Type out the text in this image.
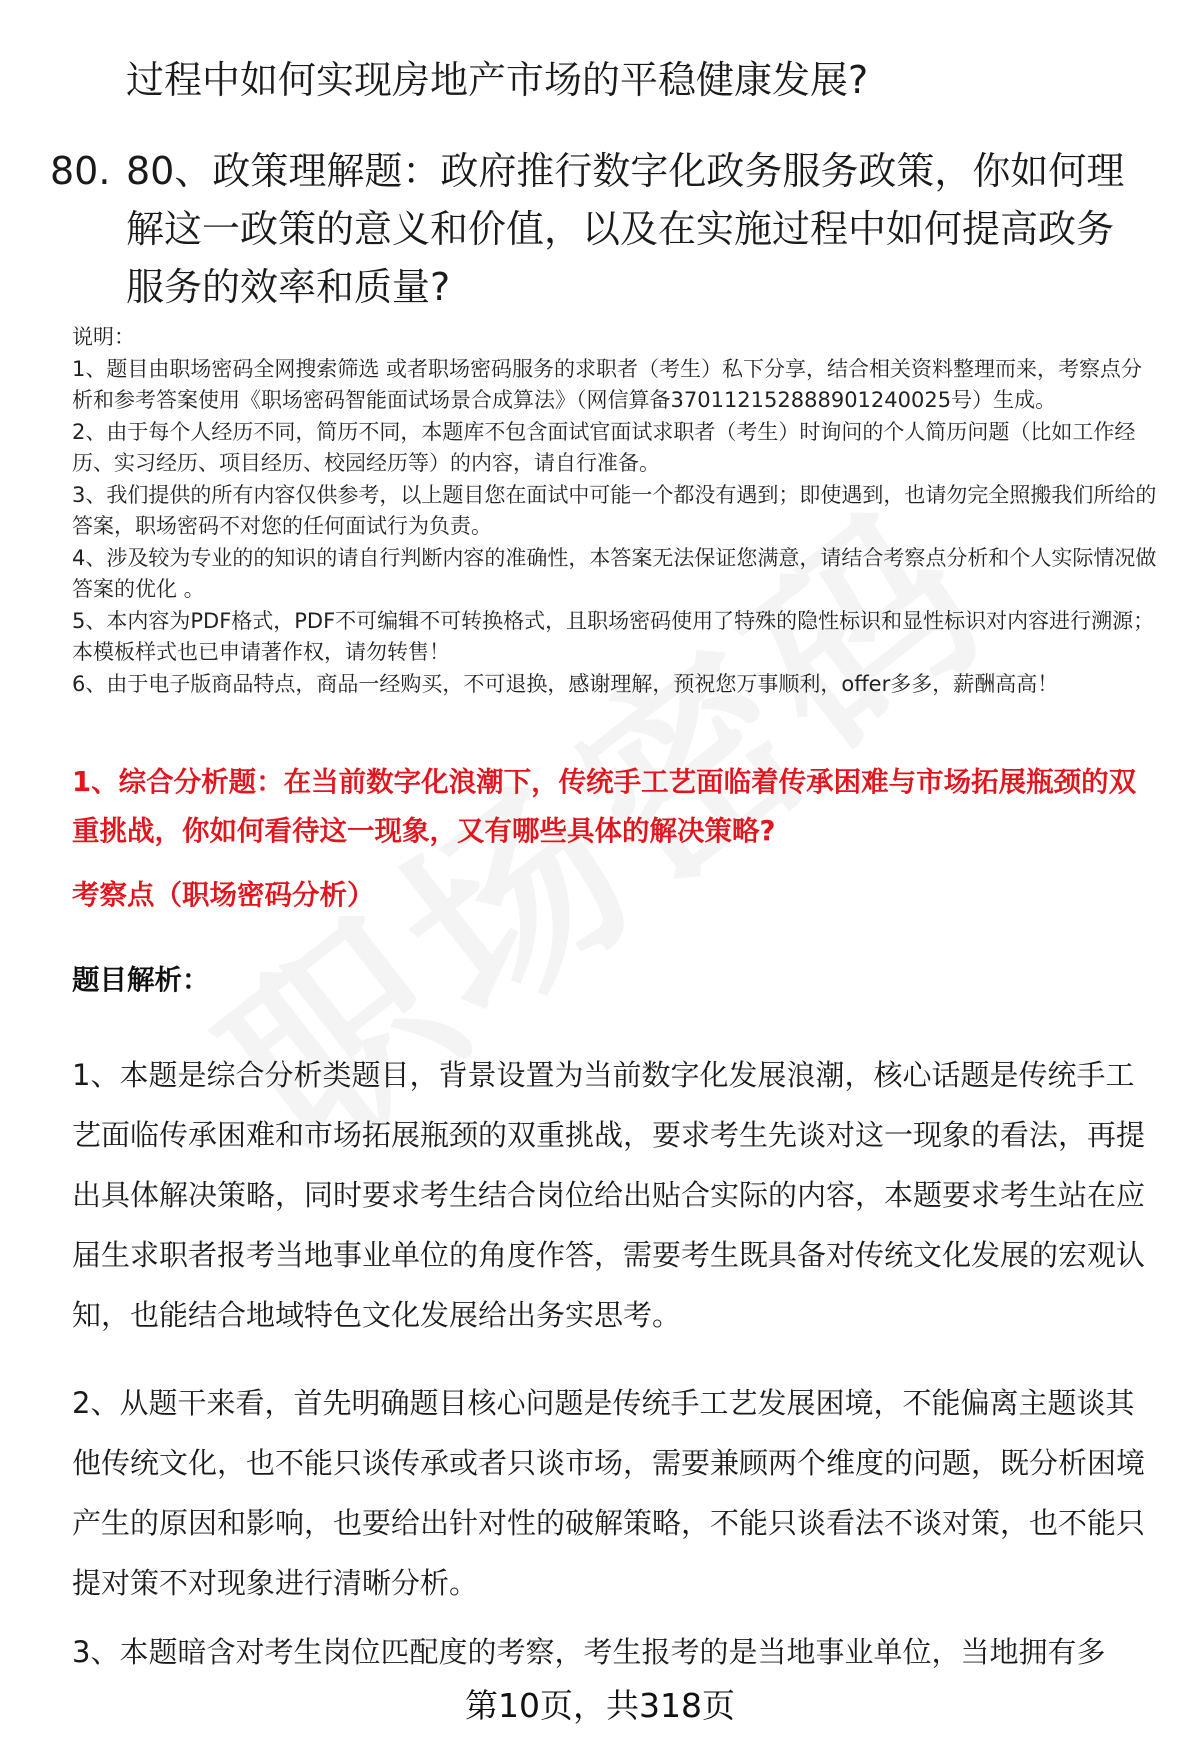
过程中如何实现房地产市场的平稳健康发展?
80. 80、政策理解题：政府推行数字化政务服务政策，你如何理解这一政策的意义和价值，以及在实施过程中如何提高政务服务的效率和质量?

说明：

1、题目由职场密码全网搜索筛选 或者职场密码服务的求职者（考生）私下分享，结合相关资料整理而来，考察点分析和参考答案使用《职场密码智能面试场景合成算法》（网信算备370112152888901240025号）生成。

2、由于每个人经历不同，简历不同，本题库不包含面试官面试求职者（考生）时询问的个人简历问题（比如工作经历、实习经历、项目经历、校园经历等）的内容，请自行准备。

3、我们提供的所有内容仅供参考，以上题目您在面试中可能一个都没有遇到；即使遇到，也请勿完全照搬我们所给的答案，职场密码不对您的任何面试行为负责。

4、涉及较为专业的的知识的请自行判断内容的准确性，本答案无法保证您满意，请结合考察点分析和个人实际情况做答案的优化 。

5、本内容为PDF格式，PDF不可编辑不可转换格式，且职场密码使用了特殊的隐性标识和显性标识对内容进行溯源；本模板样式也已申请著作权，请勿转售！

6、由于电子版商品特点，商品一经购买，不可退换，感谢理解，预祝您万事顺利，offer多多，薪酬高高！

1、综合分析题：在当前数字化浪潮下，传统手工艺面临着传承困难与市场拓展瓶颈的双重挑战，你如何看待这一现象，又有哪些具体的解决策略?
考察点（职场密码分析）
题目解析：

1、本题是综合分析类题目，背景设置为当前数字化发展浪潮，核心话题是传统手工艺面临传承困难和市场拓展瓶颈的双重挑战，要求考生先谈对这一现象的看法，再提出具体解决策略，同时要求考生结合岗位给出贴合实际的内容，本题要求考生站在应届生求职者报考当地事业单位的角度作答，需要考生既具备对传统文化发展的宏观认知，也能结合地域特色文化发展给出务实思考。

2、从题干来看，首先明确题目核心问题是传统手工艺发展困境，不能偏离主题谈其他传统文化，也不能只谈传承或者只谈市场，需要兼顾两个维度的问题，既分析困境产生的原因和影响，也要给出针对性的破解策略，不能只谈看法不谈对策，也不能只提对策不对现象进行清晰分析。

3、本题暗含对考生岗位匹配度的考察，考生报考的是当地事业单位，当地拥有多

第10页，共318页
